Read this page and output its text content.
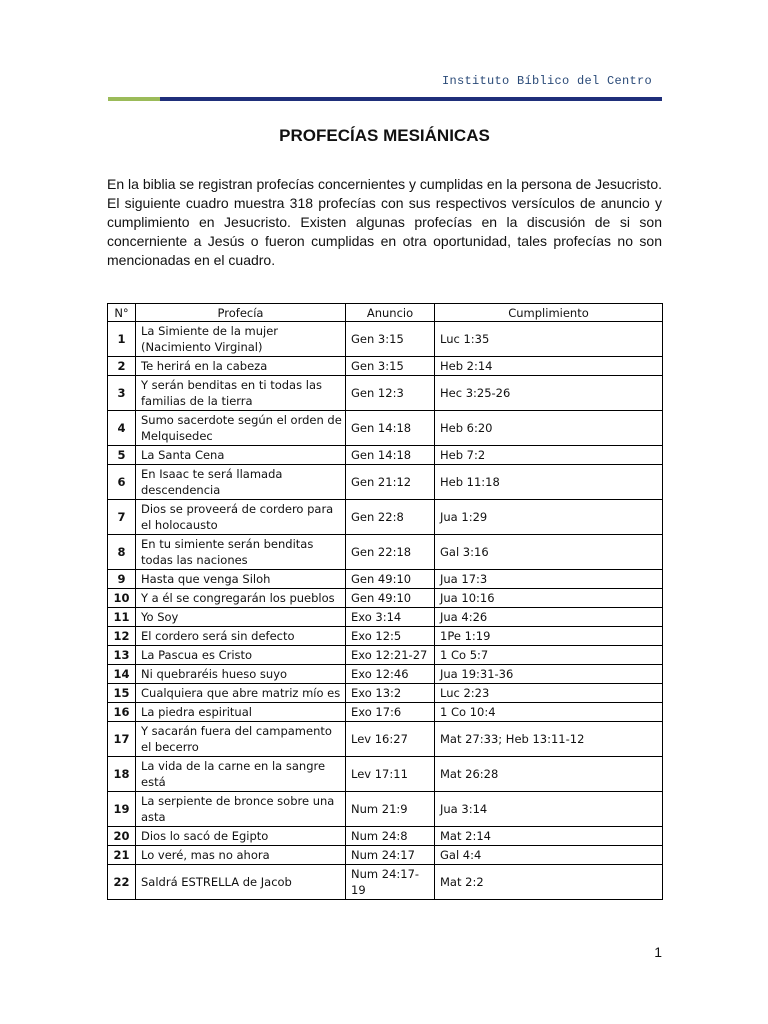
Instituto Bíblico del Centro
PROFECÍAS MESIÁNICAS

En la biblia se registran profecías concernientes y cumplidas en la persona de Jesucristo. El siguiente cuadro muestra 318 profecías con sus respectivos versículos de anuncio y cumplimiento en Jesucristo. Existen algunas profecías en la discusión de si son concerniente a Jesús o fueron cumplidas en otra oportunidad, tales profecías no son mencionadas en el cuadro.

N°	Profecía	Anuncio	Cumplimiento
1	La Simiente de la mujer (Nacimiento Virginal)	Gen 3:15	Luc 1:35
2	Te herirá en la cabeza	Gen 3:15	Heb 2:14
3	Y serán benditas en ti todas las familias de la tierra	Gen 12:3	Hec 3:25-26
4	Sumo sacerdote según el orden de Melquisedec	Gen 14:18	Heb 6:20
5	La Santa Cena	Gen 14:18	Heb 7:2
6	En Isaac te será llamada descendencia	Gen 21:12	Heb 11:18
7	Dios se proveerá de cordero para el holocausto	Gen 22:8	Jua 1:29
8	En tu simiente serán benditas todas las naciones	Gen 22:18	Gal 3:16
9	Hasta que venga Siloh	Gen 49:10	Jua 17:3
10	Y a él se congregarán los pueblos	Gen 49:10	Jua 10:16
11	Yo Soy	Exo 3:14	Jua 4:26
12	El cordero será sin defecto	Exo 12:5	1Pe 1:19
13	La Pascua es Cristo	Exo 12:21-27	1 Co 5:7
14	Ni quebraréis hueso suyo	Exo 12:46	Jua 19:31-36
15	Cualquiera que abre matriz mío es	Exo 13:2	Luc 2:23
16	La piedra espiritual	Exo 17:6	1 Co 10:4
17	Y sacarán fuera del campamento el becerro	Lev 16:27	Mat 27:33; Heb 13:11-12
18	La vida de la carne en la sangre está	Lev 17:11	Mat 26:28
19	La serpiente de bronce sobre una asta	Num 21:9	Jua 3:14
20	Dios lo sacó de Egipto	Num 24:8	Mat 2:14
21	Lo veré, mas no ahora	Num 24:17	Gal 4:4
22	Saldrá ESTRELLA de Jacob	Num 24:17-19	Mat 2:2
1
